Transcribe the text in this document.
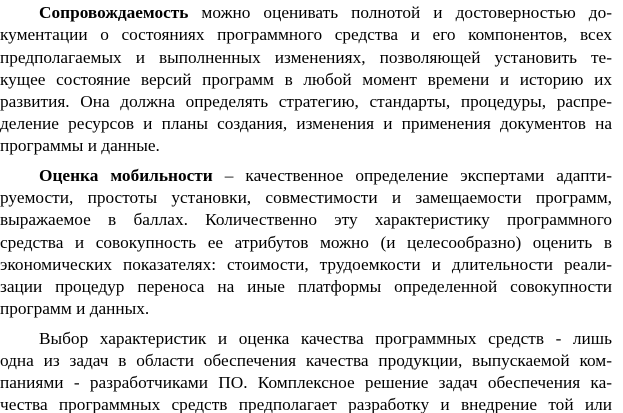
Сопровождаемость можно оценивать полнотой и достоверностью до-
кументации о состояниях программного средства и его компонентов, всех
предполагаемых и выполненных изменениях, позволяющей установить те-
кущее состояние версий программ в любой момент времени и историю их
развития. Она должна определять стратегию, стандарты, процедуры, распре-
деление ресурсов и планы создания, изменения и применения документов на
программы и данные.
Оценка мобильности – качественное определение экспертами адапти-
руемости, простоты установки, совместимости и замещаемости программ,
выражаемое в баллах. Количественно эту характеристику программного
средства и совокупность ее атрибутов можно (и целесообразно) оценить в
экономических показателях: стоимости, трудоемкости и длительности реали-
зации процедур переноса на иные платформы определенной совокупности
программ и данных.
Выбор характеристик и оценка качества программных средств - лишь
одна из задач в области обеспечения качества продукции, выпускаемой ком-
паниями - разработчиками ПО. Комплексное решение задач обеспечения ка-
чества программных средств предполагает разработку и внедрение той или
